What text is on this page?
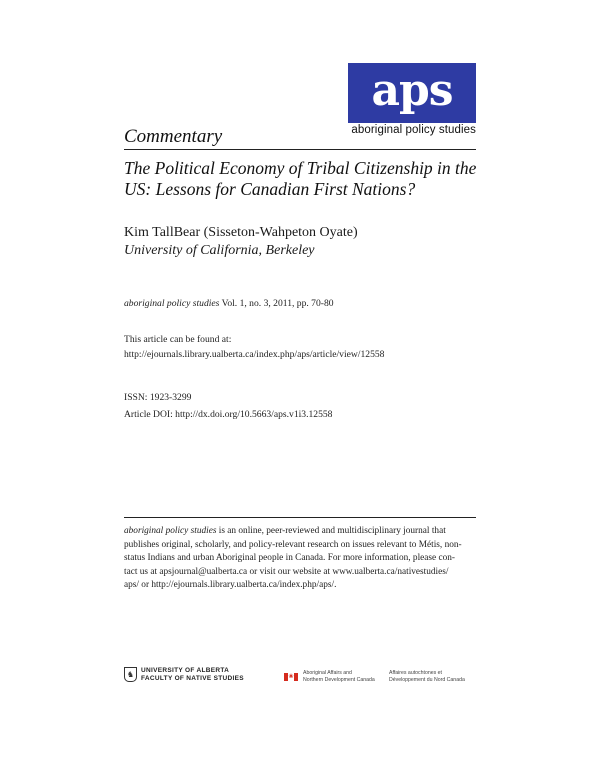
aps
aboriginal policy studies
Commentary
The Political Economy of Tribal Citizenship in the
US: Lessons for Canadian First Nations?
Kim TallBear (Sisseton-Wahpeton Oyate)
University of California, Berkeley
aboriginal policy studies Vol. 1, no. 3, 2011, pp. 70-80
This article can be found at:
http://ejournals.library.ualberta.ca/index.php/aps/article/view/12558
ISSN: 1923-3299
Article DOI: http://dx.doi.org/10.5663/aps.v1i3.12558
aboriginal policy studies is an online, peer-reviewed and multidisciplinary journal that
publishes original, scholarly, and policy-relevant research on issues relevant to Métis, non-
status Indians and urban Aboriginal people in Canada. For more information, please con-
tact us at apsjournal@ualberta.ca or visit our website at www.ualberta.ca/nativestudies/
aps/ or http://ejournals.library.ualberta.ca/index.php/aps/.
♞	UNIVERSITY OF ALBERTA
FACULTY OF NATIVE STUDIES	❀
Aboriginal Affairs and
Northern Development Canada
Affaires autochtones et
Développement du Nord Canada
